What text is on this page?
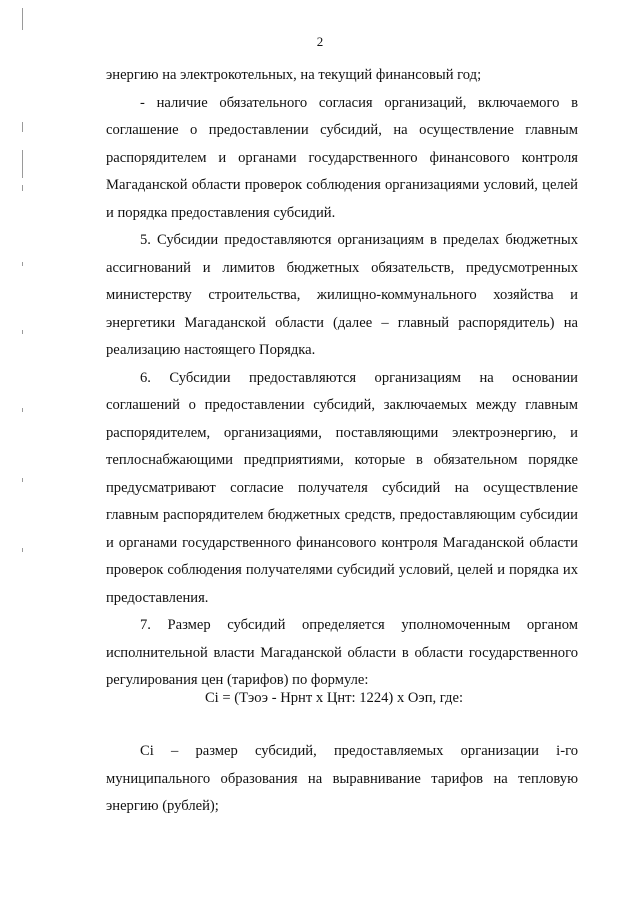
2

энергию на электрокотельных, на текущий финансовый год;

- наличие обязательного согласия организаций, включаемого в соглашение о предоставлении субсидий, на осуществление главным распорядителем и органами государственного финансового контроля Магаданской области проверок соблюдения организациями условий, целей и порядка предоставления субсидий.

5. Субсидии предоставляются организациям в пределах бюджетных ассигнований и лимитов бюджетных обязательств, предусмотренных министерству строительства, жилищно-коммунального хозяйства и энергетики Магаданской области (далее – главный распорядитель) на реализацию настоящего Порядка.

6. Субсидии предоставляются организациям на основании соглашений о предоставлении субсидий, заключаемых между главным распорядителем, организациями, поставляющими электроэнергию, и теплоснабжающими предприятиями, которые в обязательном порядке предусматривают согласие получателя субсидий на осуществление главным распорядителем бюджетных средств, предоставляющим субсидии и органами государственного финансового контроля Магаданской области проверок соблюдения получателями субсидий условий, целей и порядка их предоставления.

7. Размер субсидий определяется уполномоченным органом исполнительной власти Магаданской области в области государственного регулирования цен (тарифов) по формуле:

Ci = (Тэоэ - Нрнт х Цнт: 1224) х Оэп, где:

Ci – размер субсидий, предоставляемых организации i-го муниципального образования на выравнивание тарифов на тепловую энергию (рублей);
